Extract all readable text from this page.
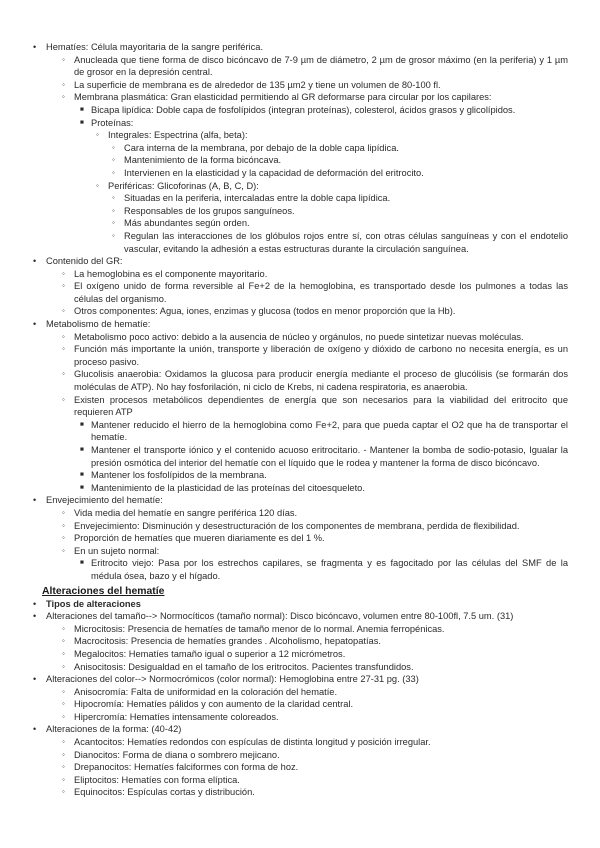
• Hematíes: Célula mayoritaria de la sangre periférica.
◦ Anucleada que tiene forma de disco bicóncavo de 7-9 µm de diámetro, 2 µm de grosor máximo (en la periferia) y 1 µm de grosor en la depresión central.
◦ La superficie de membrana es de alrededor de 135 µm2 y tiene un volumen de 80-100 fl.
◦ Membrana plasmática: Gran elasticidad permitiendo al GR deformarse para circular por los capilares:
■ Bicapa lipídica: Doble capa de fosfolípidos (integran proteínas), colesterol, ácidos grasos y glicolípidos.
■ Proteínas:
◦ Integrales: Espectrina (alfa, beta):
◦ Cara interna de la membrana, por debajo de la doble capa lipídica.
◦ Mantenimiento de la forma bicóncava.
◦ Intervienen en la elasticidad y la capacidad de deformación del eritrocito.
◦ Periféricas: Glicoforinas (A, B, C, D):
◦ Situadas en la periferia, intercaladas entre la doble capa lipídica.
◦ Responsables de los grupos sanguíneos.
◦ Más abundantes según orden.
◦ Regulan las interacciones de los glóbulos rojos entre sí, con otras células sanguíneas y con el endotelio vascular, evitando la adhesión a estas estructuras durante la circulación sanguínea.
• Contenido del GR:
◦ La hemoglobina es el componente mayoritario.
◦ El oxígeno unido de forma reversible al Fe+2 de la hemoglobina, es transportado desde los pulmones a todas las células del organismo.
◦ Otros componentes: Agua, iones, enzimas y glucosa (todos en menor proporción que la Hb).
• Metabolismo de hematíe:
◦ Metabolismo poco activo: debido a la ausencia de núcleo y orgánulos, no puede sintetizar nuevas moléculas.
◦ Función más importante la unión, transporte y liberación de oxígeno y dióxido de carbono no necesita energía, es un proceso pasivo.
◦ Glucolisis anaerobia: Oxidamos la glucosa para producir energía mediante el proceso de glucólisis (se formarán dos moléculas de ATP). No hay fosforilación, ni ciclo de Krebs, ni cadena respiratoria, es anaerobia.
◦ Existen procesos metabólicos dependientes de energía que son necesarios para la viabilidad del eritrocito que requieren ATP
■ Mantener reducido el hierro de la hemoglobina como Fe+2, para que pueda captar el O2 que ha de transportar el hematíe.
■ Mantener el transporte iónico y el contenido acuoso eritrocitario. - Mantener la bomba de sodio-potasio, Igualar la presión osmótica del interior del hematíe con el líquido que le rodea y mantener la forma de disco bicóncavo.
■ Mantener los fosfolípidos de la membrana.
■ Mantenimiento de la plasticidad de las proteínas del citoesqueleto.
• Envejecimiento del hematíe:
◦ Vida media del hematíe en sangre periférica 120 días.
◦ Envejecimiento: Disminución y desestructuración de los componentes de membrana, perdida de flexibilidad.
◦ Proporción de hematíes que mueren diariamente es del 1 %.
◦ En un sujeto normal:
■ Eritrocito viejo: Pasa por los estrechos capilares, se fragmenta y es fagocitado por las células del SMF de la médula ósea, bazo y el hígado.
Alteraciones del hematíe
• Tipos de alteraciones
• Alteraciones del tamaño--> Normocíticos (tamaño normal): Disco bicóncavo, volumen entre 80-100fl, 7.5 um. (31)
◦ Microcitosis: Presencia de hematíes de tamaño menor de lo normal. Anemia ferropénicas.
◦ Macrocitosis: Presencia de hematíes grandes . Alcoholismo, hepatopatías.
◦ Megalocitos: Hematíes tamaño igual o superior a 12 micrómetros.
◦ Anisocitosis: Desigualdad en el tamaño de los eritrocitos. Pacientes transfundidos.
• Alteraciones del color--> Normocrómicos (color normal): Hemoglobina entre 27-31 pg. (33)
◦ Anisocromía: Falta de uniformidad en la coloración del hematíe.
◦ Hipocromía: Hematíes pálidos y con aumento de la claridad central.
◦ Hipercromía: Hematíes intensamente coloreados.
• Alteraciones de la forma: (40-42)
◦ Acantocitos: Hematíes redondos con espículas de distinta longitud y posición irregular.
◦ Dianocitos: Forma de diana o sombrero mejicano.
◦ Drepanocitos: Hematíes falciformes con forma de hoz.
◦ Eliptocitos: Hematíes con forma elíptica.
◦ Equinocitos: Espículas cortas y distribución.
